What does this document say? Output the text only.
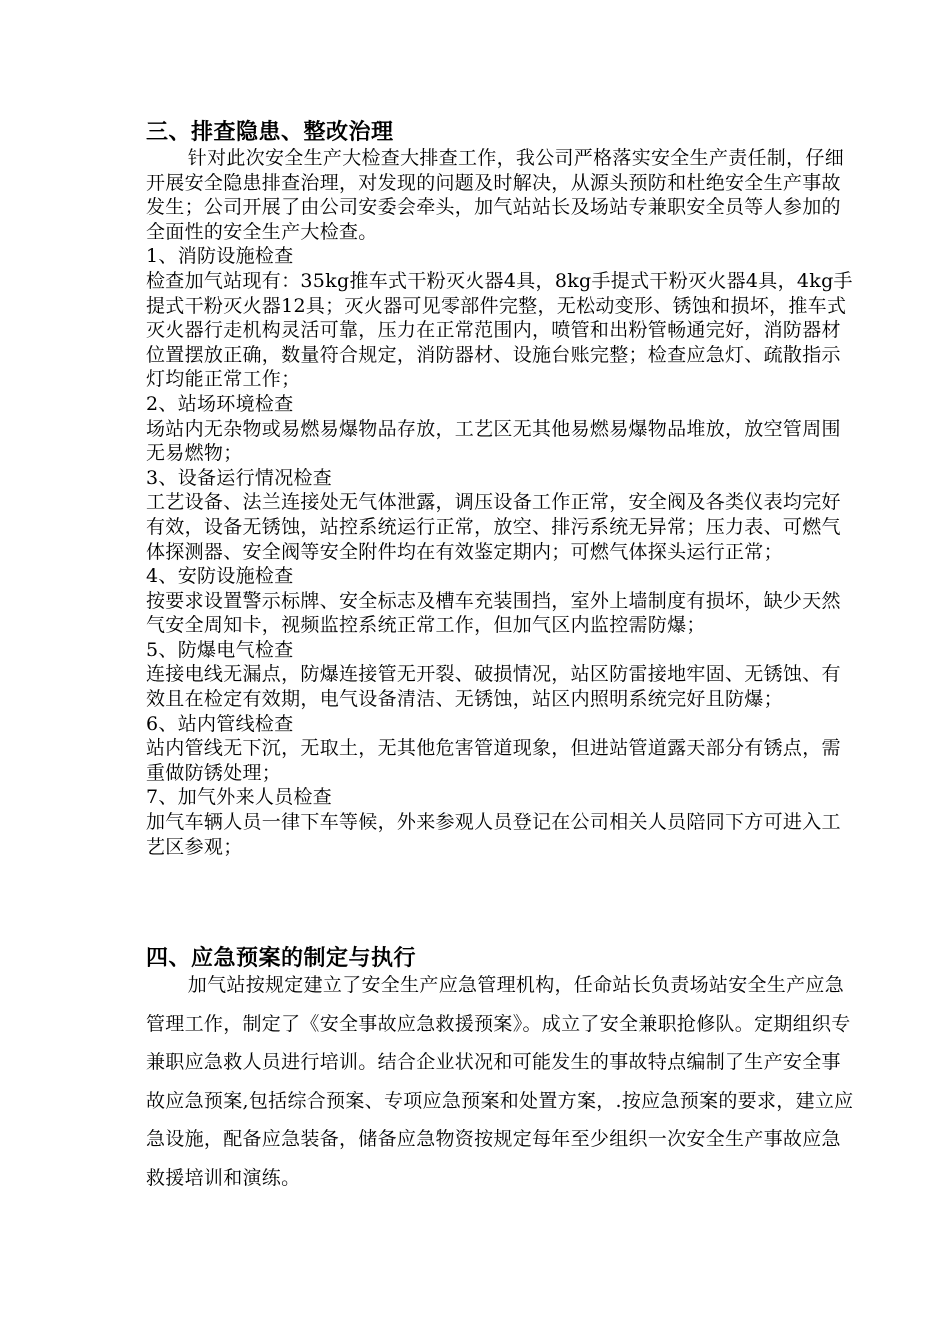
三、排查隐患、整改治理

针对此次安全生产大检查大排查工作，我公司严格落实安全生产责任制，仔细开展安全隐患排查治理，对发现的问题及时解决，从源头预防和杜绝安全生产事故发生；公司开展了由公司安委会牵头，加气站站长及场站专兼职安全员等人参加的全面性的安全生产大检查。

1、消防设施检查

检查加气站现有：35kg推车式干粉灭火器4具，8kg手提式干粉灭火器4具，4kg手提式干粉灭火器12具；灭火器可见零部件完整，无松动变形、锈蚀和损坏，推车式灭火器行走机构灵活可靠，压力在正常范围内，喷管和出粉管畅通完好，消防器材位置摆放正确，数量符合规定，消防器材、设施台账完整；检查应急灯、疏散指示灯均能正常工作；

2、站场环境检查

场站内无杂物或易燃易爆物品存放，工艺区无其他易燃易爆物品堆放，放空管周围无易燃物；

3、设备运行情况检查

工艺设备、法兰连接处无气体泄露，调压设备工作正常，安全阀及各类仪表均完好有效，设备无锈蚀，站控系统运行正常，放空、排污系统无异常；压力表、可燃气体探测器、安全阀等安全附件均在有效鉴定期内；可燃气体探头运行正常；

4、安防设施检查

按要求设置警示标牌、安全标志及槽车充装围挡，室外上墙制度有损坏，缺少天然气安全周知卡，视频监控系统正常工作，但加气区内监控需防爆；

5、防爆电气检查

连接电线无漏点，防爆连接管无开裂、破损情况，站区防雷接地牢固、无锈蚀、有效且在检定有效期，电气设备清洁、无锈蚀，站区内照明系统完好且防爆；

6、站内管线检查

站内管线无下沉，无取土，无其他危害管道现象，但进站管道露天部分有锈点，需重做防锈处理；

7、加气外来人员检查

加气车辆人员一律下车等候，外来参观人员登记在公司相关人员陪同下方可进入工艺区参观；

四、应急预案的制定与执行

加气站按规定建立了安全生产应急管理机构，任命站长负责场站安全生产应急管理工作，制定了《安全事故应急救援预案》。成立了安全兼职抢修队。定期组织专兼职应急救人员进行培训。结合企业状况和可能发生的事故特点编制了生产安全事故应急预案,包括综合预案、专项应急预案和处置方案，.按应急预案的要求，建立应急设施，配备应急装备，储备应急物资按规定每年至少组织一次安全生产事故应急救援培训和演练。
